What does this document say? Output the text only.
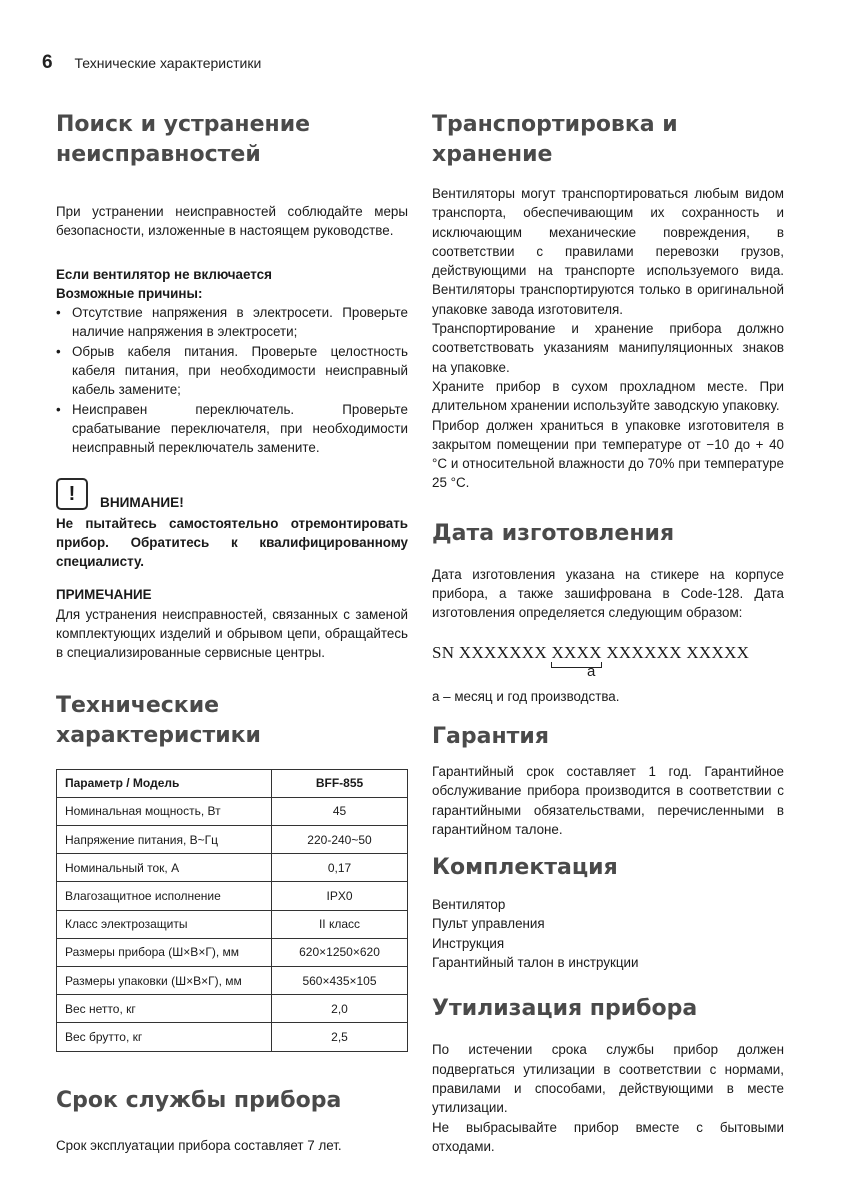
6 Технические характеристики
Поиск и устранение неисправностей

При устранении неисправностей соблюдайте меры безопасности, изложенные в настоящем руководстве.

Если вентилятор не включается

Возможные причины:

• Отсутствие напряжения в электросети. Проверьте наличие напряжения в электросети;
• Обрыв кабеля питания. Проверьте целостность кабеля питания, при необходимости неисправный кабель замените;
• Неисправен переключатель. Проверьте срабатывание переключателя, при необходимости неисправный переключатель замените.
!	ВНИМАНИЕ!

Не пытайтесь самостоятельно отремонтировать прибор. Обратитесь к квалифицированному специалисту.

ПРИМЕЧАНИЕ

Для устранения неисправностей, связанных с заменой комплектующих изделий и обрывом цепи, обращайтесь в специализированные сервисные центры.

Технические характеристики
Параметр / Модель	BFF-855
Номинальная мощность, Вт	45
Напряжение питания, В~Гц	220-240~50
Номинальный ток, А	0,17
Влагозащитное исполнение	IPX0
Класс электрозащиты	II класс
Размеры прибора (Ш×В×Г), мм	620×1250×620
Размеры упаковки (Ш×В×Г), мм	560×435×105
Вес нетто, кг	2,0
Вес брутто, кг	2,5
Срок службы прибора

Срок эксплуатации прибора составляет 7 лет.

Транспортировка и хранение

Вентиляторы могут транспортироваться любым видом транспорта, обеспечивающим их сохранность и исключающим механические повреждения, в соответствии с правилами перевозки грузов, действующими на транспорте используемого вида. Вентиляторы транспортируются только в оригинальной упаковке завода изготовителя.

Транспортирование и хранение прибора должно соответствовать указаниям манипуляционных знаков на упаковке.

Храните прибор в сухом прохладном месте. При длительном хранении используйте заводскую упаковку.

Прибор должен храниться в упаковке изготовителя в закрытом помещении при температуре от −10 до + 40 °C и относительной влажности до 70% при температуре 25 °C.

Дата изготовления

Дата изготовления указана на стикере на корпусе прибора, а также зашифрована в Code-128. Дата изготовления определяется следующим образом:

SN XXXXXXX XXXX XXXXXX XXXXX
a

a – месяц и год производства.

Гарантия

Гарантийный срок составляет 1 год. Гарантийное обслуживание прибора производится в соответствии с гарантийными обязательствами, перечисленными в гарантийном талоне.

Комплектация

Вентилятор

Пульт управления

Инструкция

Гарантийный талон в инструкции

Утилизация прибора

По истечении срока службы прибор должен подвергаться утилизации в соответствии с нормами, правилами и способами, действующими в месте утилизации.

Не выбрасывайте прибор вместе с бытовыми отходами.
